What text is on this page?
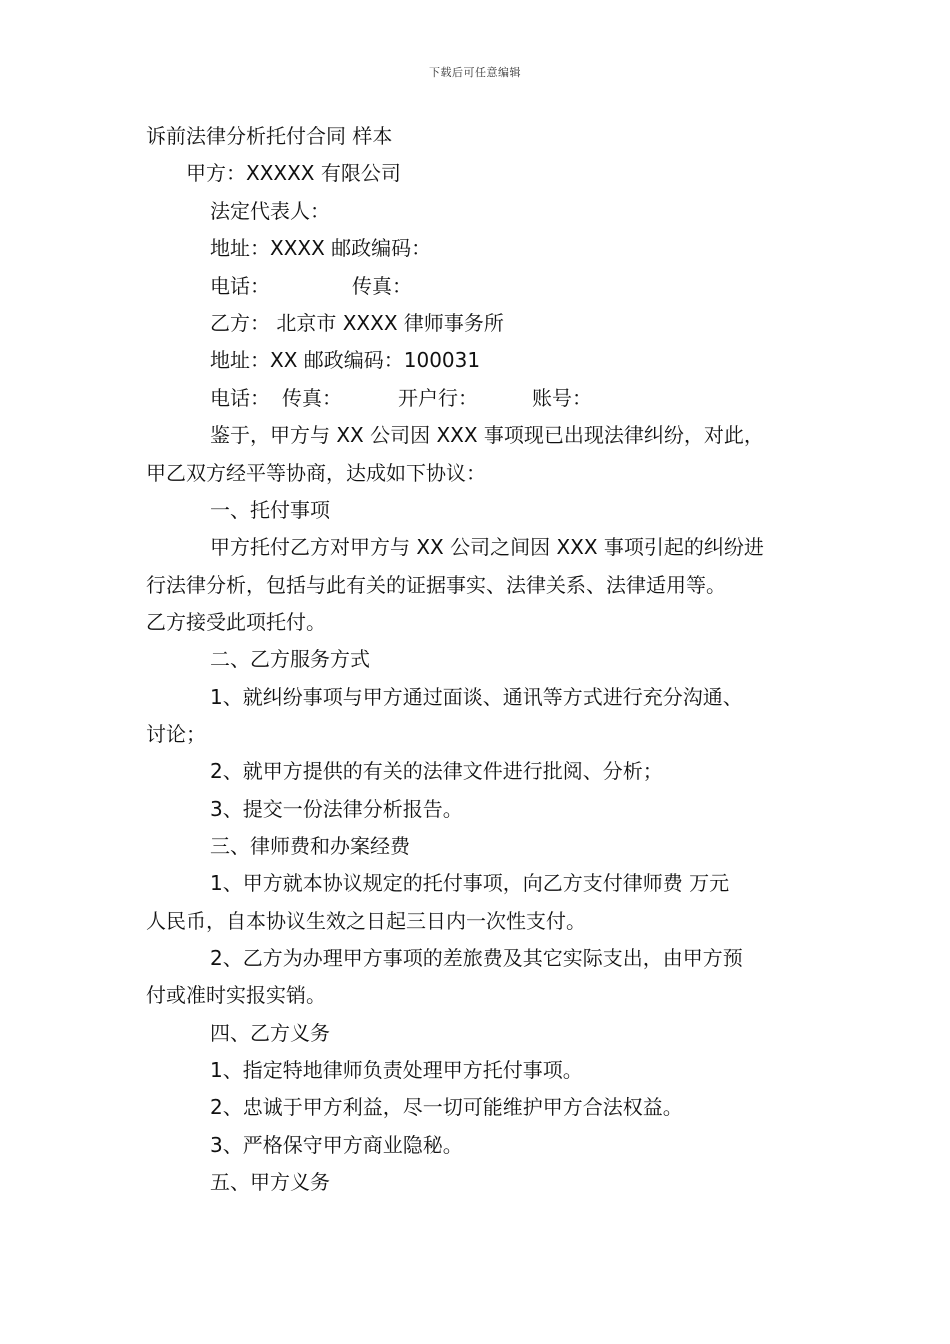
下载后可任意编辑
诉前法律分析托付合同 样本
甲方：XXXXX 有限公司
法定代表人：
地址：XXXX 邮政编码：
电话：	传真：
乙方： 北京市 XXXX 律师事务所
地址：XX 邮政编码：100031
电话： 传真：	开户行：	账号：
鉴于，甲方与 XX 公司因 XXX 事项现已出现法律纠纷，对此，
甲乙双方经平等协商，达成如下协议：
一、托付事项
甲方托付乙方对甲方与 XX 公司之间因 XXX 事项引起的纠纷进
行法律分析，包括与此有关的证据事实、法律关系、法律适用等。
乙方接受此项托付。
二、乙方服务方式
1、就纠纷事项与甲方通过面谈、通讯等方式进行充分沟通、
讨论；
2、就甲方提供的有关的法律文件进行批阅、分析；
3、提交一份法律分析报告。
三、律师费和办案经费
1、甲方就本协议规定的托付事项，向乙方支付律师费 万元
人民币，自本协议生效之日起三日内一次性支付。
2、乙方为办理甲方事项的差旅费及其它实际支出，由甲方预
付或准时实报实销。
四、乙方义务
1、指定特地律师负责处理甲方托付事项。
2、忠诚于甲方利益，尽一切可能维护甲方合法权益。
3、严格保守甲方商业隐秘。
五、甲方义务
